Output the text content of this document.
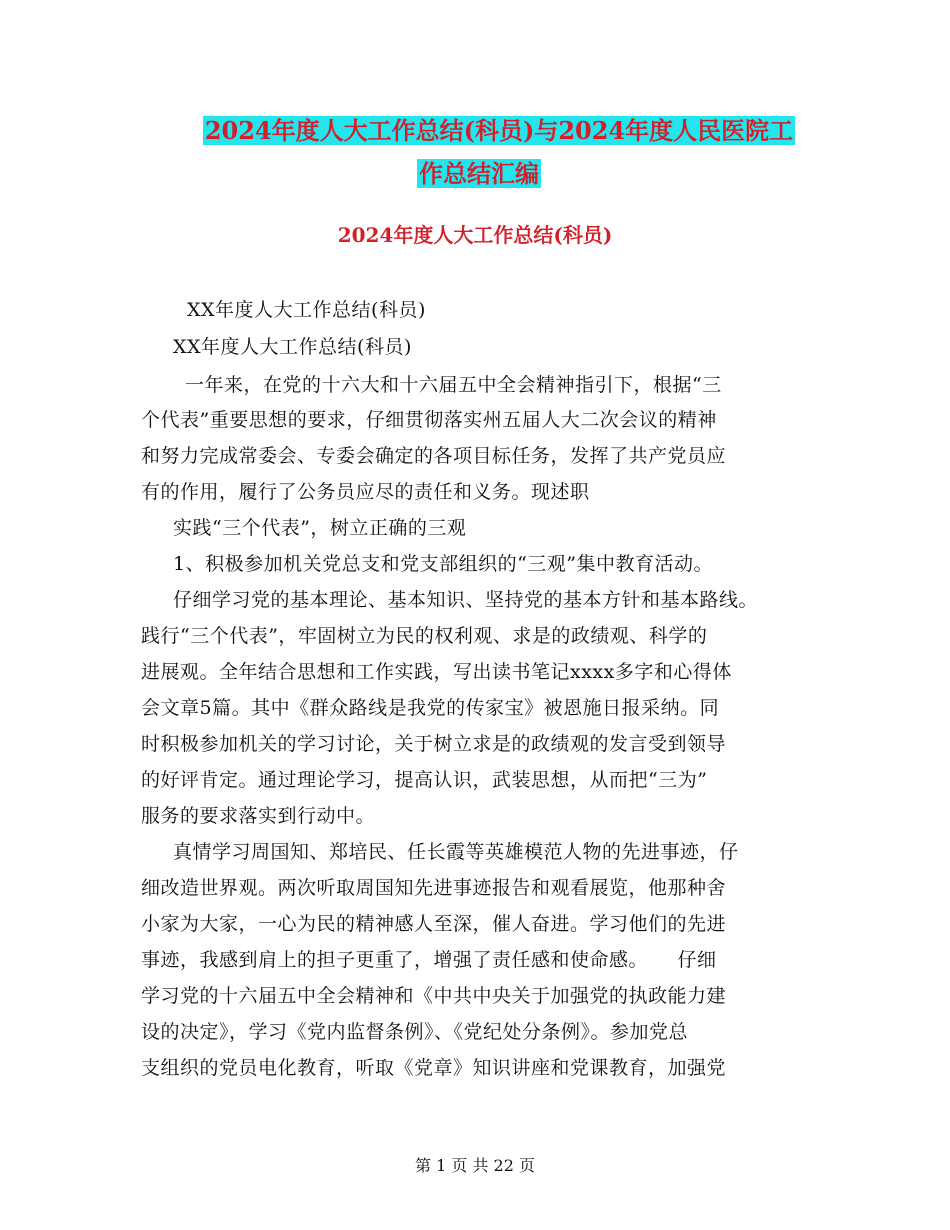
2024年度人大工作总结(科员)与2024年度人民医院工
作总结汇编
2024年度人大工作总结(科员)
XX年度人大工作总结(科员)
XX年度人大工作总结(科员)
一年来，在党的十六大和十六届五中全会精神指引下，根据“三
个代表”重要思想的要求，仔细贯彻落实州五届人大二次会议的精神
和努力完成常委会、专委会确定的各项目标任务，发挥了共产党员应
有的作用，履行了公务员应尽的责任和义务。现述职
实践“三个代表”，树立正确的三观
1、积极参加机关党总支和党支部组织的“三观”集中教育活动。
仔细学习党的基本理论、基本知识、坚持党的基本方针和基本路线。
践行“三个代表”，牢固树立为民的权利观、求是的政绩观、科学的
进展观。全年结合思想和工作实践，写出读书笔记xxxx多字和心得体
会文章5篇。其中《群众路线是我党的传家宝》被恩施日报采纳。同
时积极参加机关的学习讨论，关于树立求是的政绩观的发言受到领导
的好评肯定。通过理论学习，提高认识，武装思想，从而把“三为”
服务的要求落实到行动中。
真情学习周国知、郑培民、任长霞等英雄模范人物的先进事迹，仔
细改造世界观。两次听取周国知先进事迹报告和观看展览，他那种舍
小家为大家，一心为民的精神感人至深，催人奋进。学习他们的先进
事迹，我感到肩上的担子更重了，增强了责任感和使命感。　　仔细
学习党的十六届五中全会精神和《中共中央关于加强党的执政能力建
设的决定》，学习《党内监督条例》、《党纪处分条例》。参加党总
支组织的党员电化教育，听取《党章》知识讲座和党课教育，加强党
第 1 页 共 22 页
